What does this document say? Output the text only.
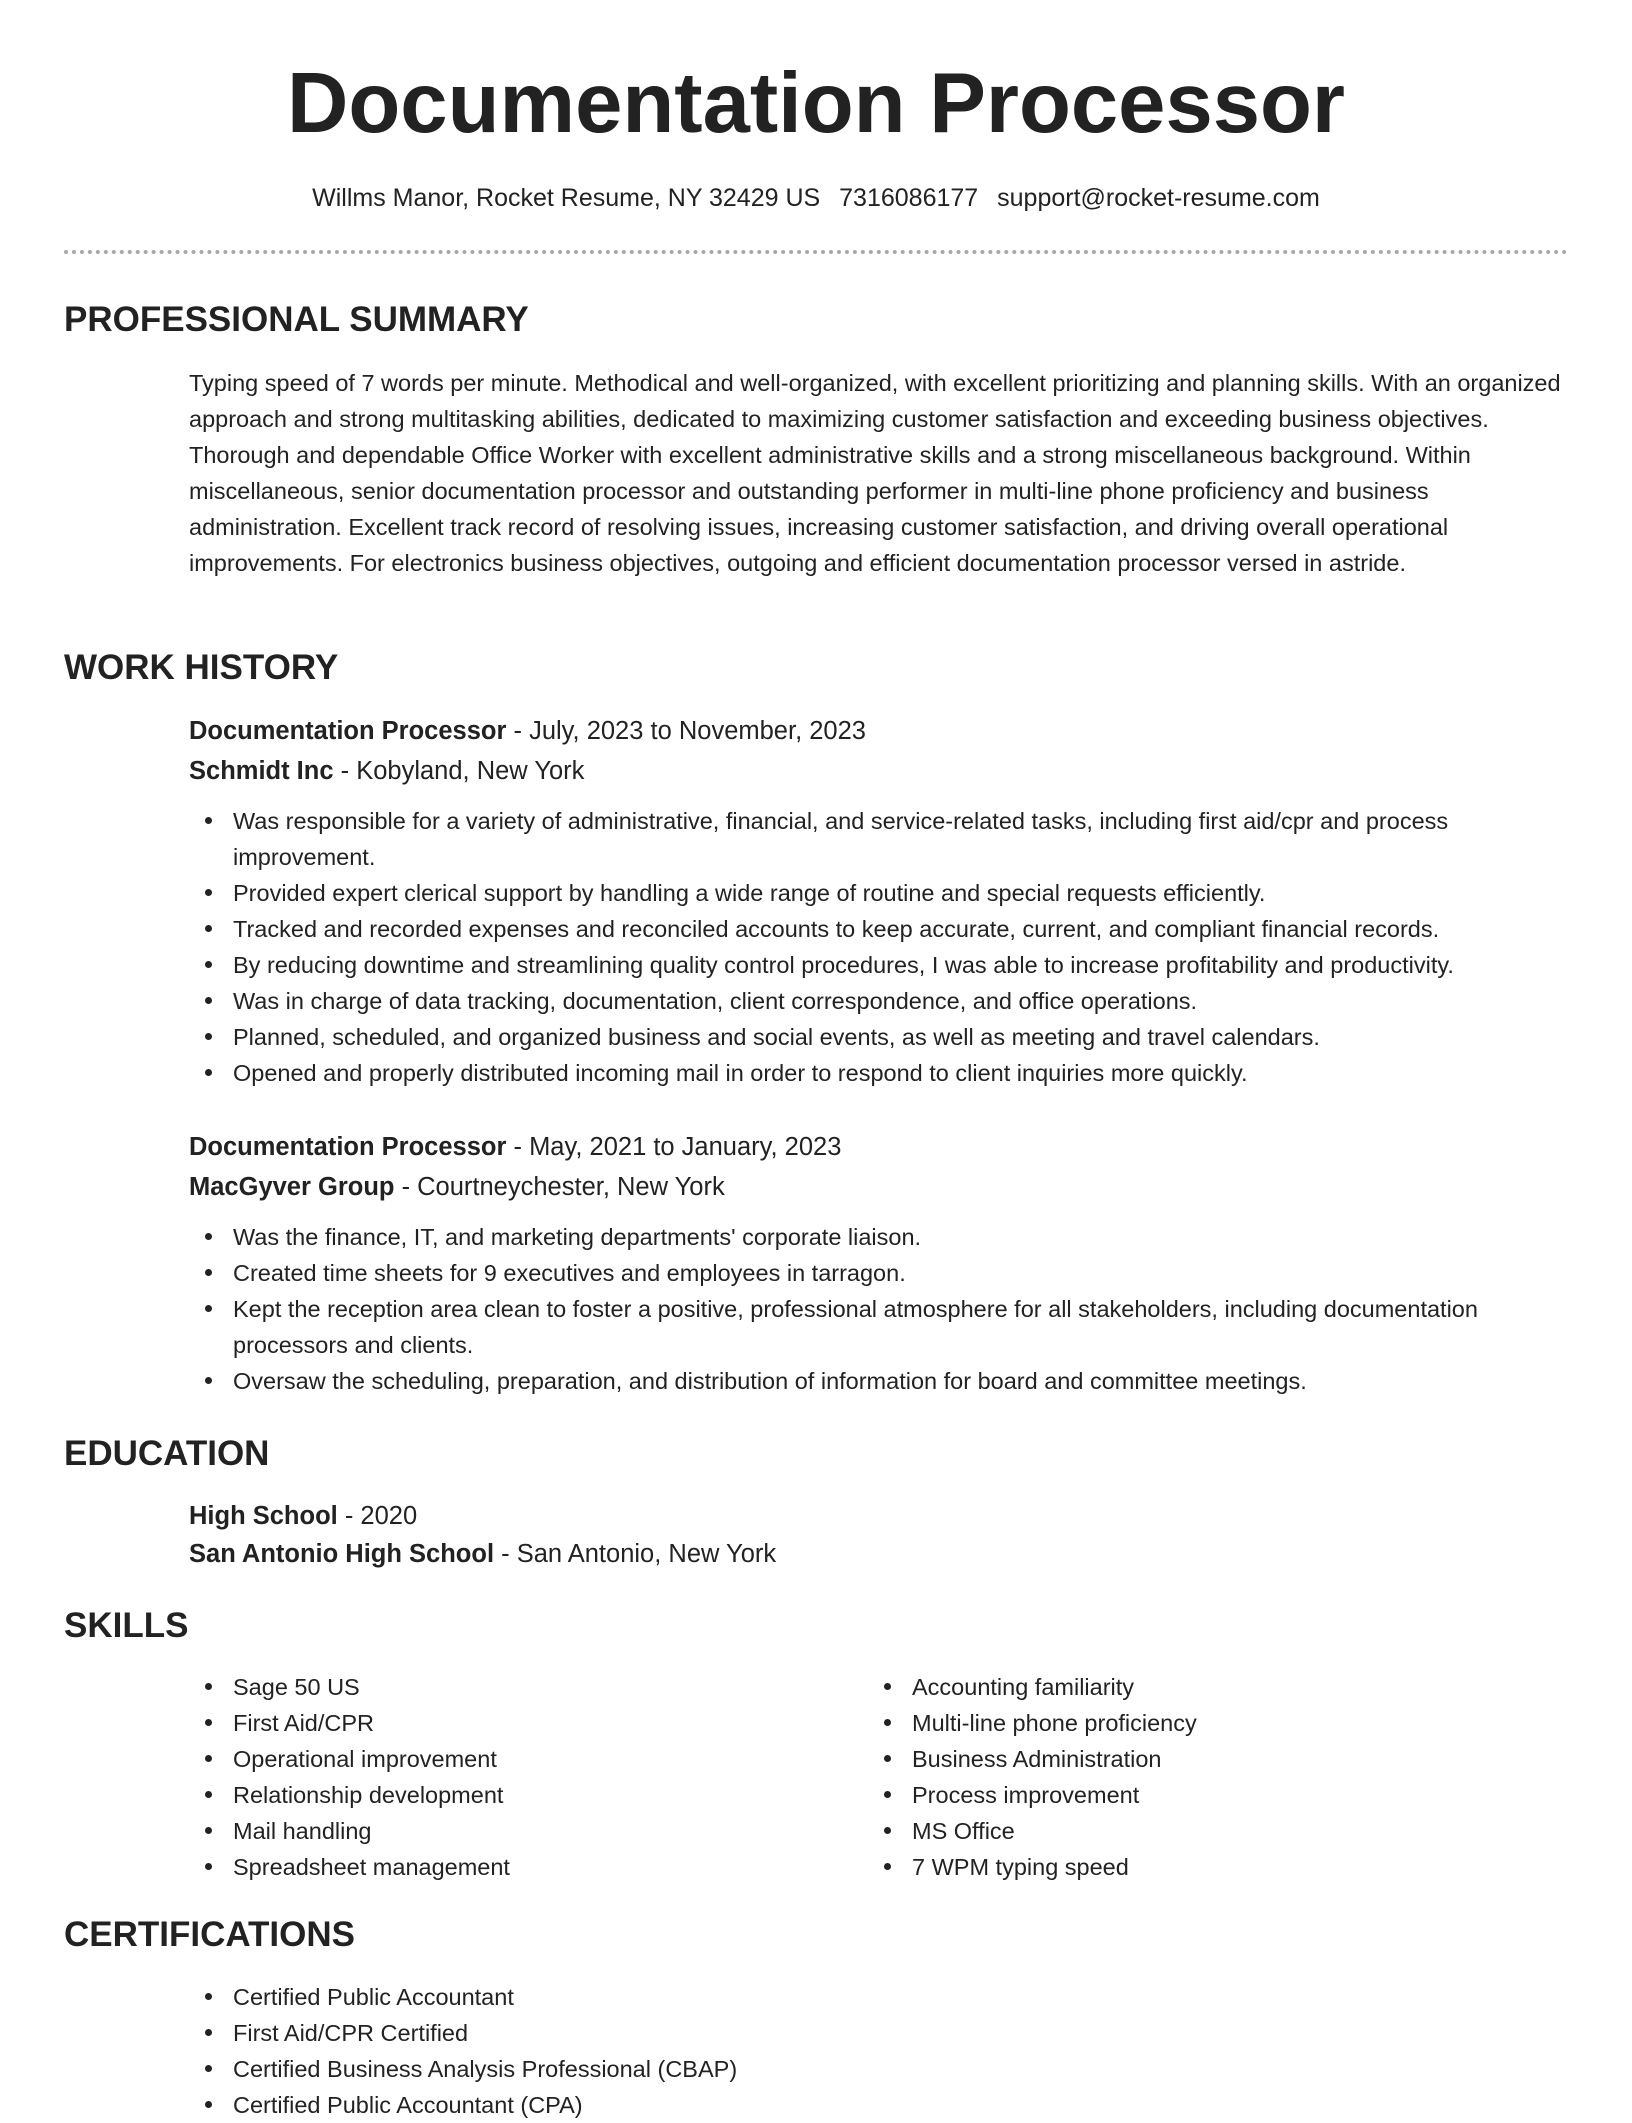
Documentation Processor
Willms Manor, Rocket Resume, NY 32429 US 7316086177 support@rocket-resume.com
PROFESSIONAL SUMMARY

Typing speed of 7 words per minute. Methodical and well-organized, with excellent prioritizing and planning skills. With an organized approach and strong multitasking abilities, dedicated to maximizing customer satisfaction and exceeding business objectives. Thorough and dependable Office Worker with excellent administrative skills and a strong miscellaneous background. Within miscellaneous, senior documentation processor and outstanding performer in multi-line phone proficiency and business administration. Excellent track record of resolving issues, increasing customer satisfaction, and driving overall operational improvements. For electronics business objectives, outgoing and efficient documentation processor versed in astride.

WORK HISTORY

Documentation Processor - July, 2023 to November, 2023

Schmidt Inc - Kobyland, New York

Was responsible for a variety of administrative, financial, and service-related tasks, including first aid/cpr and process improvement.
Provided expert clerical support by handling a wide range of routine and special requests efficiently.
Tracked and recorded expenses and reconciled accounts to keep accurate, current, and compliant financial records.
By reducing downtime and streamlining quality control procedures, I was able to increase profitability and productivity.
Was in charge of data tracking, documentation, client correspondence, and office operations.
Planned, scheduled, and organized business and social events, as well as meeting and travel calendars.
Opened and properly distributed incoming mail in order to respond to client inquiries more quickly.

Documentation Processor - May, 2021 to January, 2023

MacGyver Group - Courtneychester, New York

Was the finance, IT, and marketing departments' corporate liaison.
Created time sheets for 9 executives and employees in tarragon.
Kept the reception area clean to foster a positive, professional atmosphere for all stakeholders, including documentation processors and clients.
Oversaw the scheduling, preparation, and distribution of information for board and committee meetings.
EDUCATION

High School - 2020

San Antonio High School - San Antonio, New York

SKILLS
Sage 50 US
First Aid/CPR
Operational improvement
Relationship development
Mail handling
Spreadsheet management
Accounting familiarity
Multi-line phone proficiency
Business Administration
Process improvement
MS Office
7 WPM typing speed
CERTIFICATIONS
Certified Public Accountant
First Aid/CPR Certified
Certified Business Analysis Professional (CBAP)
Certified Public Accountant (CPA)
